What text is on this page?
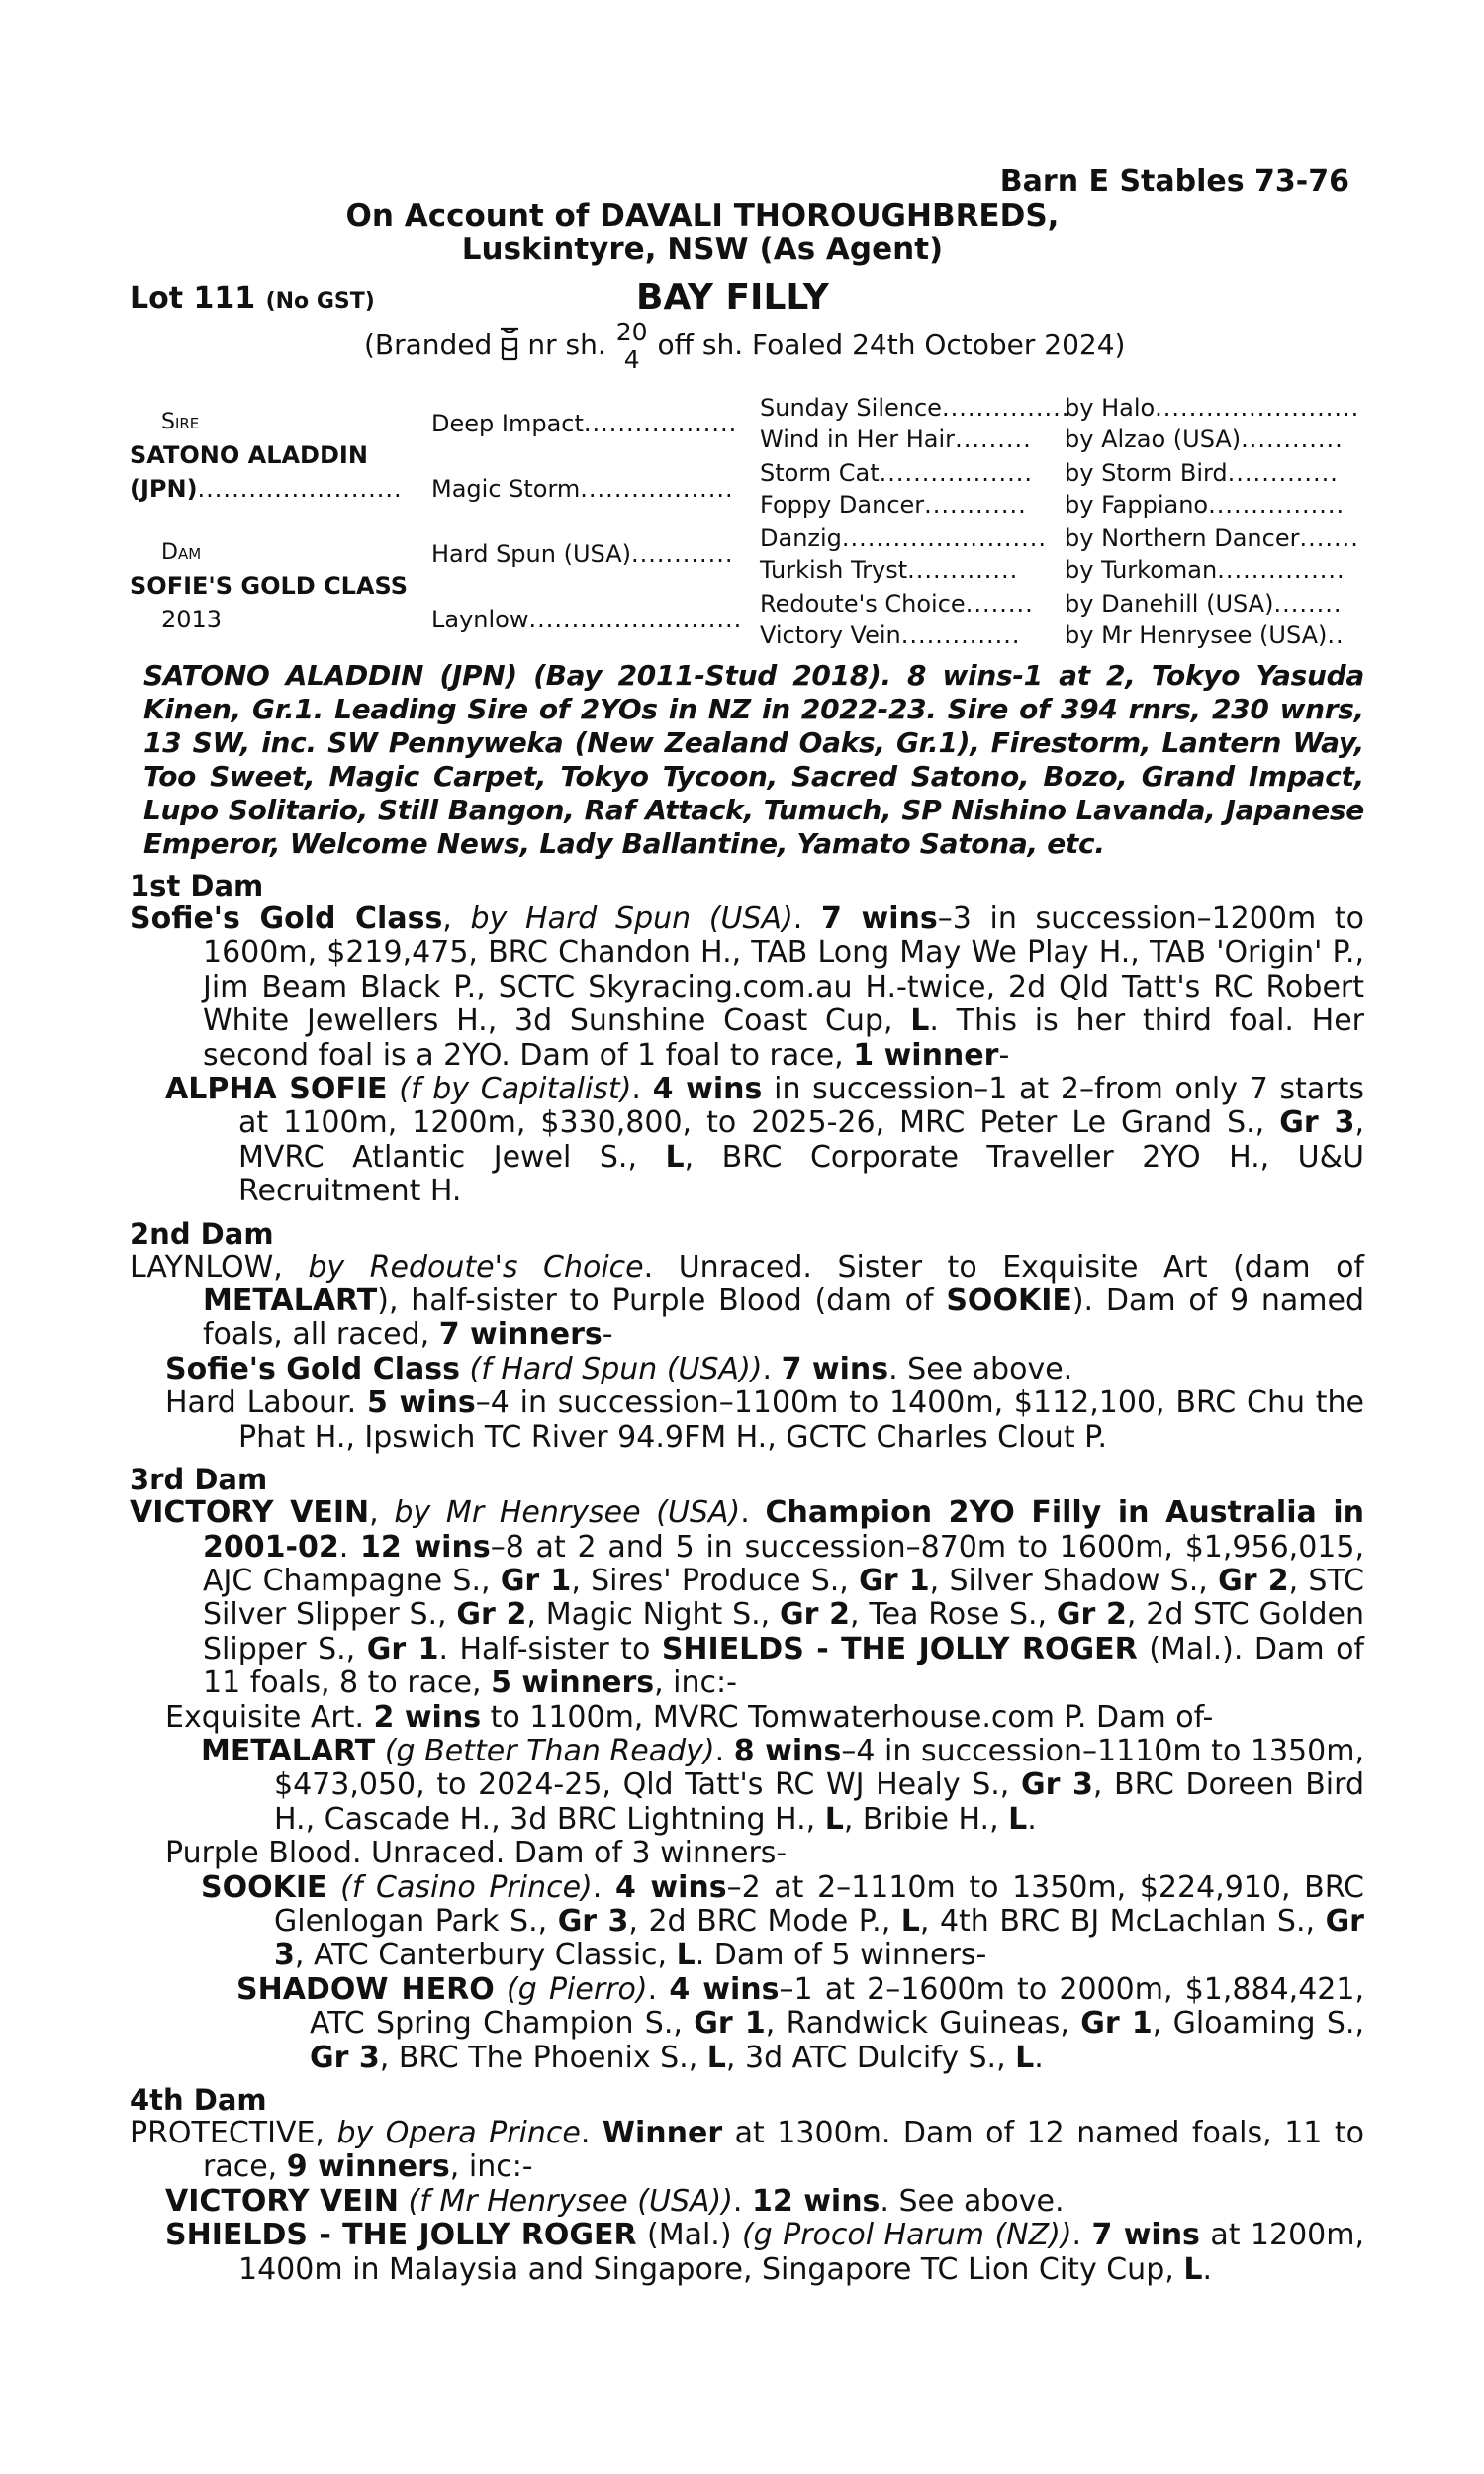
Barn E Stables 73-76
On Account of DAVALI THOROUGHBREDS,
Luskintyre, NSW (As Agent)
Lot 111 (No GST)	BAY FILLY
(Branded nr sh. 20
4 off sh. Foaled 24th October 2024)
Sire
SATONO ALADDIN
(JPN)........................
Dam
SOFIE'S GOLD CLASS
2013
Deep Impact..................
Magic Storm..................
Hard Spun (USA)............
Laynlow.........................
Sunday Silence...............
Wind in Her Hair.........
Storm Cat..................
Foppy Dancer............
Danzig........................
Turkish Tryst.............
Redoute's Choice........
Victory Vein..............
by Halo........................
by Alzao (USA)............
by Storm Bird.............
by Fappiano................
by Northern Dancer.......
by Turkoman...............
by Danehill (USA)........
by Mr Henrysee (USA)..
SATONO ALADDIN (JPN) (Bay 2011-Stud 2018). 8 wins-1 at 2, Tokyo Yasuda Kinen, Gr.1. Leading Sire of 2YOs in NZ in 2022-23. Sire of 394 rnrs, 230 wnrs, 13 SW, inc. SW Pennyweka (New Zealand Oaks, Gr.1), Firestorm, Lantern Way, Too Sweet, Magic Carpet, Tokyo Tycoon, Sacred Satono, Bozo, Grand Impact, Lupo Solitario, Still Bangon, Raf Attack, Tumuch, SP Nishino Lavanda, Japanese Emperor, Welcome News, Lady Ballantine, Yamato Satona, etc.
1st Dam
Sofie's Gold Class, by Hard Spun (USA). 7 wins–3 in succession–1200m to 1600m, $219,475, BRC Chandon H., TAB Long May We Play H., TAB 'Origin' P., Jim Beam Black P., SCTC Skyracing.com.au H.-twice, 2d Qld Tatt's RC Robert White Jewellers H., 3d Sunshine Coast Cup, L. This is her third foal. Her second foal is a 2YO. Dam of 1 foal to race, 1 winner-
ALPHA SOFIE (f by Capitalist). 4 wins in succession–1 at 2–from only 7 starts at 1100m, 1200m, $330,800, to 2025-26, MRC Peter Le Grand S., Gr 3, MVRC Atlantic Jewel S., L, BRC Corporate Traveller 2YO H., U&U Recruitment H.
2nd Dam
LAYNLOW, by Redoute's Choice. Unraced. Sister to Exquisite Art (dam of METALART), half-sister to Purple Blood (dam of SOOKIE). Dam of 9 named foals, all raced, 7 winners-
Sofie's Gold Class (f Hard Spun (USA)). 7 wins. See above.
Hard Labour. 5 wins–4 in succession–1100m to 1400m, $112,100, BRC Chu the Phat H., Ipswich TC River 94.9FM H., GCTC Charles Clout P.
3rd Dam
VICTORY VEIN, by Mr Henrysee (USA). Champion 2YO Filly in Australia in 2001-02. 12 wins–8 at 2 and 5 in succession–870m to 1600m, $1,956,015, AJC Champagne S., Gr 1, Sires' Produce S., Gr 1, Silver Shadow S., Gr 2, STC Silver Slipper S., Gr 2, Magic Night S., Gr 2, Tea Rose S., Gr 2, 2d STC Golden Slipper S., Gr 1. Half-sister to SHIELDS - THE JOLLY ROGER (Mal.). Dam of 11 foals, 8 to race, 5 winners, inc:-
Exquisite Art. 2 wins to 1100m, MVRC Tomwaterhouse.com P. Dam of-
METALART (g Better Than Ready). 8 wins–4 in succession–1110m to 1350m, $473,050, to 2024-25, Qld Tatt's RC WJ Healy S., Gr 3, BRC Doreen Bird H., Cascade H., 3d BRC Lightning H., L, Bribie H., L.
Purple Blood. Unraced. Dam of 3 winners-
SOOKIE (f Casino Prince). 4 wins–2 at 2–1110m to 1350m, $224,910, BRC Glenlogan Park S., Gr 3, 2d BRC Mode P., L, 4th BRC BJ McLachlan S., Gr 3, ATC Canterbury Classic, L. Dam of 5 winners-
SHADOW HERO (g Pierro). 4 wins–1 at 2–1600m to 2000m, $1,884,421, ATC Spring Champion S., Gr 1, Randwick Guineas, Gr 1, Gloaming S., Gr 3, BRC The Phoenix S., L, 3d ATC Dulcify S., L.
4th Dam
PROTECTIVE, by Opera Prince. Winner at 1300m. Dam of 12 named foals, 11 to race, 9 winners, inc:-
VICTORY VEIN (f Mr Henrysee (USA)). 12 wins. See above.
SHIELDS - THE JOLLY ROGER (Mal.) (g Procol Harum (NZ)). 7 wins at 1200m, 1400m in Malaysia and Singapore, Singapore TC Lion City Cup, L.
